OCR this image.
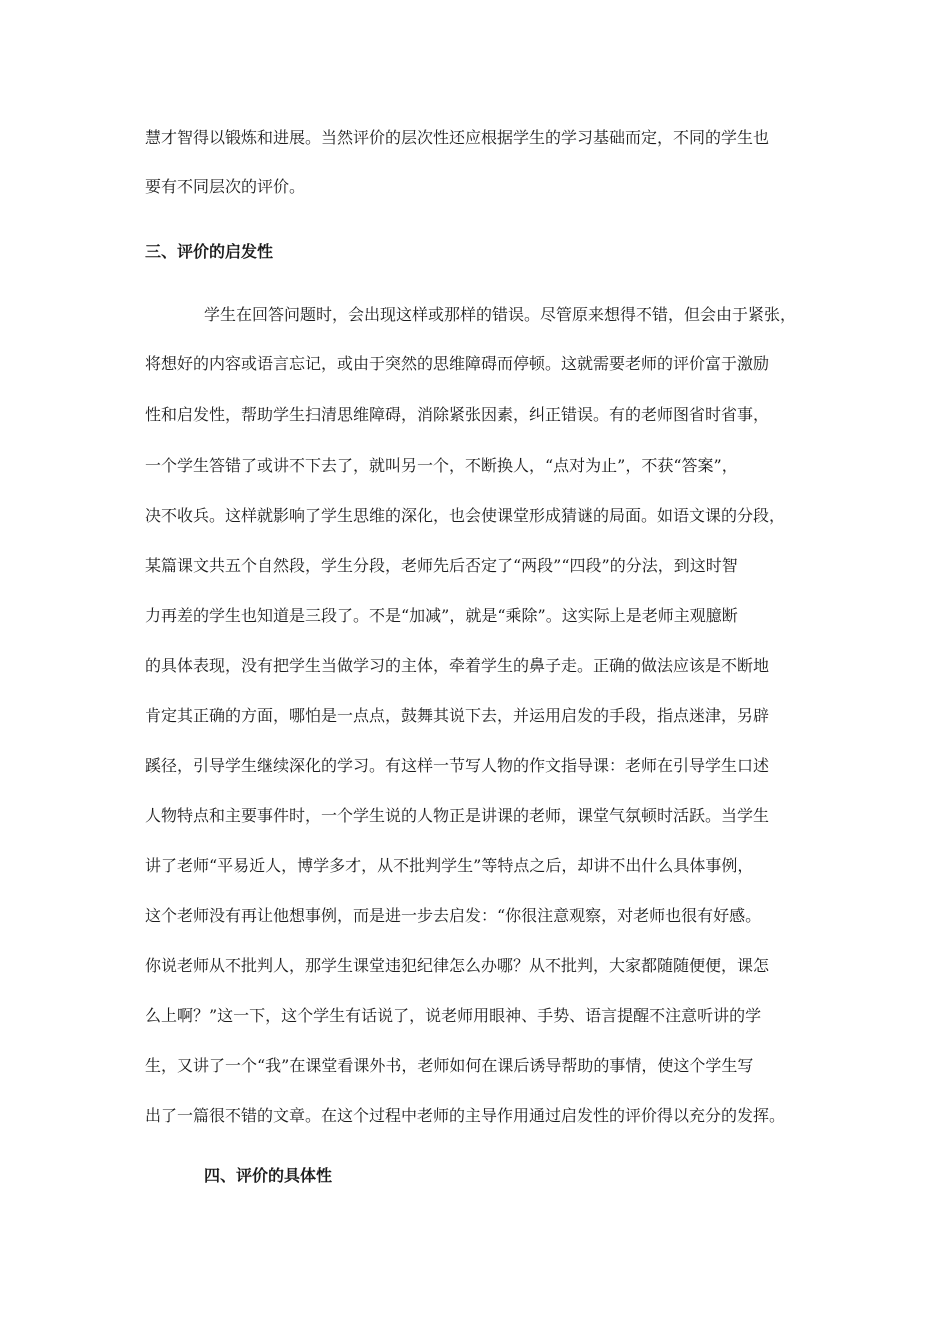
慧才智得以锻炼和进展。当然评价的层次性还应根据学生的学习基础而定，不同的学生也
要有不同层次的评价。
三、评价的启发性
学生在回答问题时，会出现这样或那样的错误。尽管原来想得不错，但会由于紧张，
将想好的内容或语言忘记，或由于突然的思维障碍而停顿。这就需要老师的评价富于激励
性和启发性，帮助学生扫清思维障碍，消除紧张因素，纠正错误。有的老师图省时省事，
一个学生答错了或讲不下去了，就叫另一个，不断换人，“点对为止”，不获“答案”，
决不收兵。这样就影响了学生思维的深化，也会使课堂形成猜谜的局面。如语文课的分段，
某篇课文共五个自然段，学生分段，老师先后否定了“两段”“四段”的分法，到这时智
力再差的学生也知道是三段了。不是“加减”，就是“乘除”。这实际上是老师主观臆断
的具体表现，没有把学生当做学习的主体，牵着学生的鼻子走。正确的做法应该是不断地
肯定其正确的方面，哪怕是一点点，鼓舞其说下去，并运用启发的手段，指点迷津，另辟
蹊径，引导学生继续深化的学习。有这样一节写人物的作文指导课：老师在引导学生口述
人物特点和主要事件时，一个学生说的人物正是讲课的老师，课堂气氛顿时活跃。当学生
讲了老师“平易近人，博学多才，从不批判学生”等特点之后，却讲不出什么具体事例，
这个老师没有再让他想事例，而是进一步去启发：“你很注意观察，对老师也很有好感。
你说老师从不批判人，那学生课堂违犯纪律怎么办哪？从不批判，大家都随随便便，课怎
么上啊？”这一下，这个学生有话说了，说老师用眼神、手势、语言提醒不注意听讲的学
生，又讲了一个“我”在课堂看课外书，老师如何在课后诱导帮助的事情，使这个学生写
出了一篇很不错的文章。在这个过程中老师的主导作用通过启发性的评价得以充分的发挥。
四、评价的具体性
